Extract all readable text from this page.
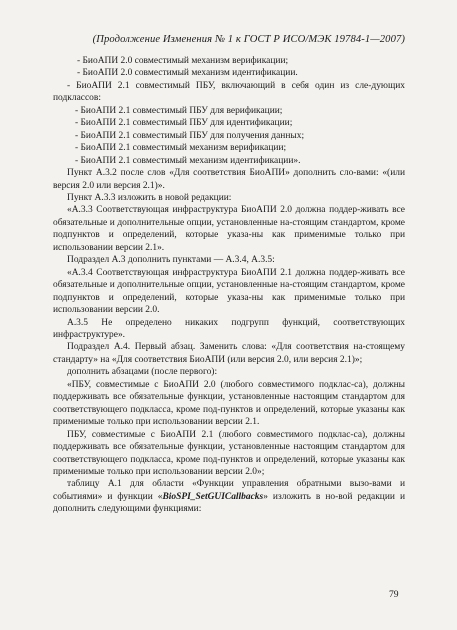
(Продолжение Изменения № 1 к ГОСТ Р ИСО/МЭК 19784-1—2007)

- БиоАПИ 2.0 совместимый механизм верификации;

- БиоАПИ 2.0 совместимый механизм идентификации.

- БиоАПИ 2.1 совместимый ПБУ, включающий в себя один из сле-дующих подклассов:

- БиоАПИ 2.1 совместимый ПБУ для верификации;

- БиоАПИ 2.1 совместимый ПБУ для идентификации;

- БиоАПИ 2.1 совместимый ПБУ для получения данных;

- БиоАПИ 2.1 совместимый механизм верификации;

- БиоАПИ 2.1 совместимый механизм идентификации».

Пункт А.3.2 после слов «Для соответствия БиоАПИ» дополнить сло-вами: «(или версия 2.0 или версия 2.1)».

Пункт А.3.3 изложить в новой редакции:

«А.3.3 Соответствующая инфраструктура БиоАПИ 2.0 должна поддер-живать все обязательные и дополнительные опции, установленные на-стоящим стандартом, кроме подпунктов и определений, которые указа-ны как применимые только при использовании версии 2.1».

Подраздел А.3 дополнить пунктами — А.3.4, А.3.5:

«А.3.4 Соответствующая инфраструктура БиоАПИ 2.1 должна поддер-живать все обязательные и дополнительные опции, установленные на-стоящим стандартом, кроме подпунктов и определений, которые указа-ны как применимые только при использовании версии 2.0.

А.3.5 Не определено никаких подгрупп функций, соответствующих инфраструктуре».

Подраздел А.4. Первый абзац. Заменить слова: «Для соответствия на-стоящему стандарту» на «Для соответствия БиоАПИ (или версия 2.0, или версия 2.1)»;

дополнить абзацами (после первого):

«ПБУ, совместимые с БиоАПИ 2.0 (любого совместимого подклас-са), должны поддерживать все обязательные функции, установленные настоящим стандартом для соответствующего подкласса, кроме под-пунктов и определений, которые указаны как применимые только при использовании версии 2.1.

ПБУ, совместимые с БиоАПИ 2.1 (любого совместимого подклас-са), должны поддерживать все обязательные функции, установленные настоящим стандартом для соответствующего подкласса, кроме под-пунктов и определений, которые указаны как применимые только при использовании версии 2.0»;

таблицу А.1 для области «Функции управления обратными вызо-вами и событиями» и функции «BioSPI_SetGUICallbacks» изложить в но-вой редакции и дополнить следующими функциями:

79
